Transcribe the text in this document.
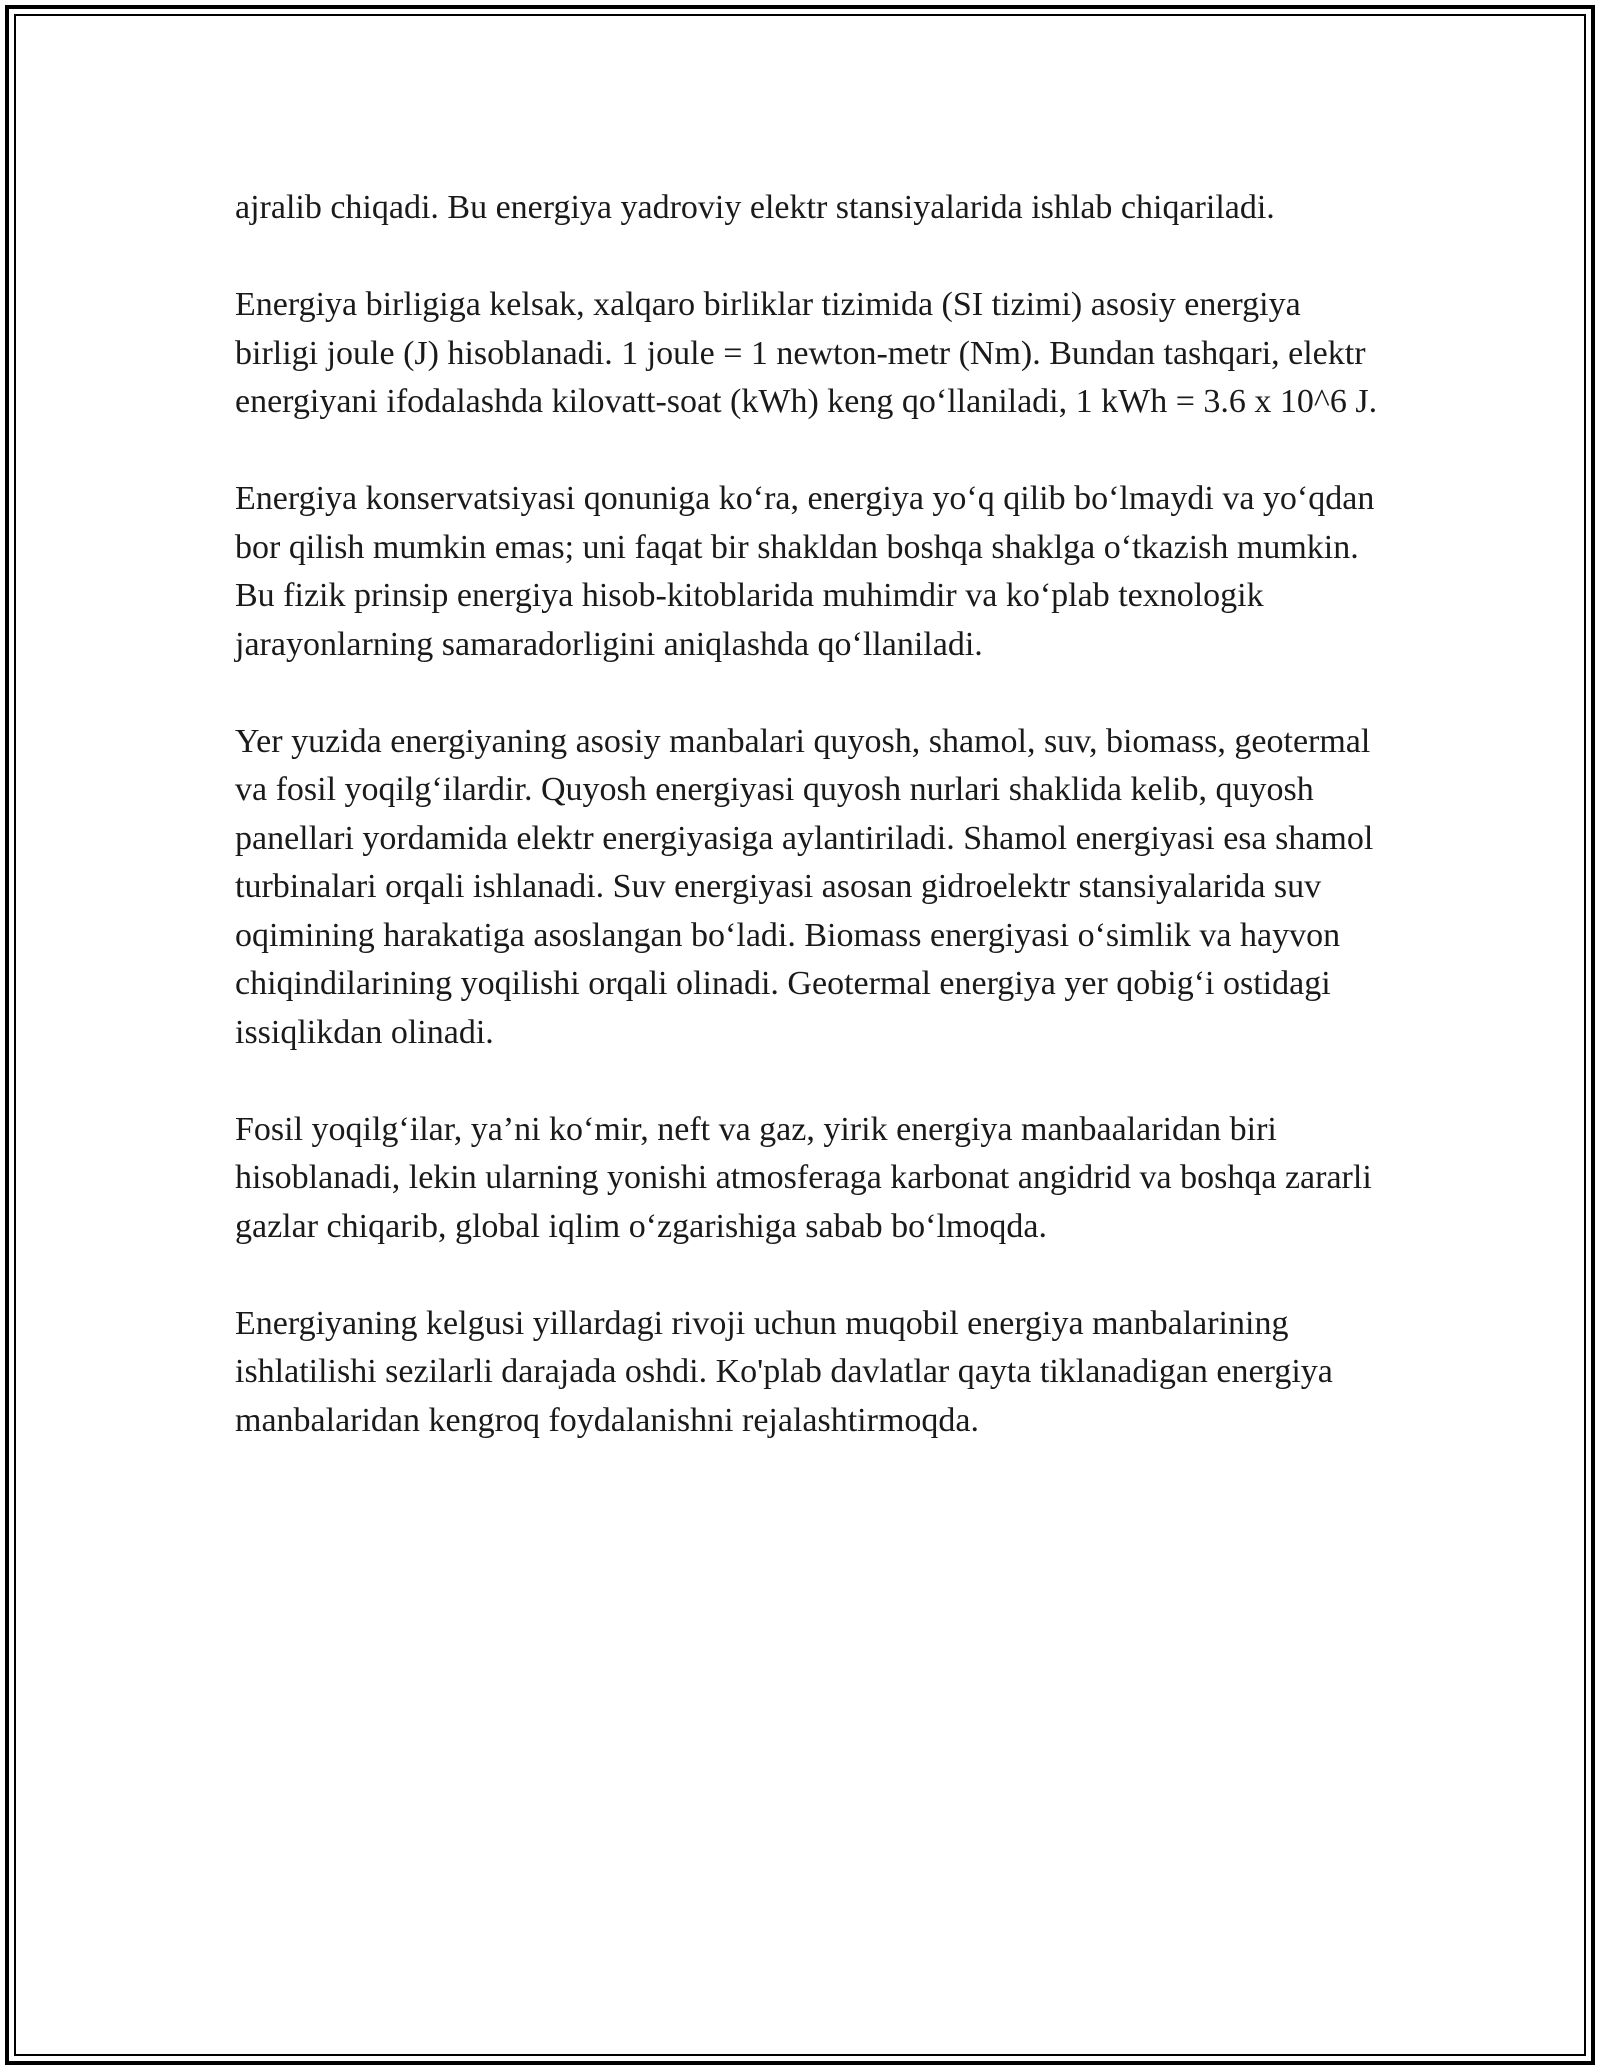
ajralib chiqadi. Bu energiya yadroviy elektr stansiyalarida ishlab chiqariladi.

Energiya birligiga kelsak, xalqaro birliklar tizimida (SI tizimi) asosiy energiya birligi joule (J) hisoblanadi. 1 joule = 1 newton-metr (Nm). Bundan tashqari, elektr energiyani ifodalashda kilovatt-soat (kWh) keng qo‘llaniladi, 1 kWh = 3.6 x 10^6 J.

Energiya konservatsiyasi qonuniga ko‘ra, energiya yo‘q qilib bo‘lmaydi va yo‘qdan bor qilish mumkin emas; uni faqat bir shakldan boshqa shaklga o‘tkazish mumkin. Bu fizik prinsip energiya hisob-kitoblarida muhimdir va ko‘plab texnologik jarayonlarning samaradorligini aniqlashda qo‘llaniladi.

Yer yuzida energiyaning asosiy manbalari quyosh, shamol, suv, biomass, geotermal va fosil yoqilg‘ilardir. Quyosh energiyasi quyosh nurlari shaklida kelib, quyosh panellari yordamida elektr energiyasiga aylantiriladi. Shamol energiyasi esa shamol turbinalari orqali ishlanadi. Suv energiyasi asosan gidroelektr stansiyalarida suv oqimining harakatiga asoslangan bo‘ladi. Biomass energiyasi o‘simlik va hayvon chiqindilarining yoqilishi orqali olinadi. Geotermal energiya yer qobig‘i ostidagi issiqlikdan olinadi.

Fosil yoqilg‘ilar, ya’ni ko‘mir, neft va gaz, yirik energiya manbaalaridan biri hisoblanadi, lekin ularning yonishi atmosferaga karbonat angidrid va boshqa zararli gazlar chiqarib, global iqlim o‘zgarishiga sabab bo‘lmoqda.

Energiyaning kelgusi yillardagi rivoji uchun muqobil energiya manbalarining ishlatilishi sezilarli darajada oshdi. Ko'plab davlatlar qayta tiklanadigan energiya manbalaridan kengroq foydalanishni rejalashtirmoqda.
